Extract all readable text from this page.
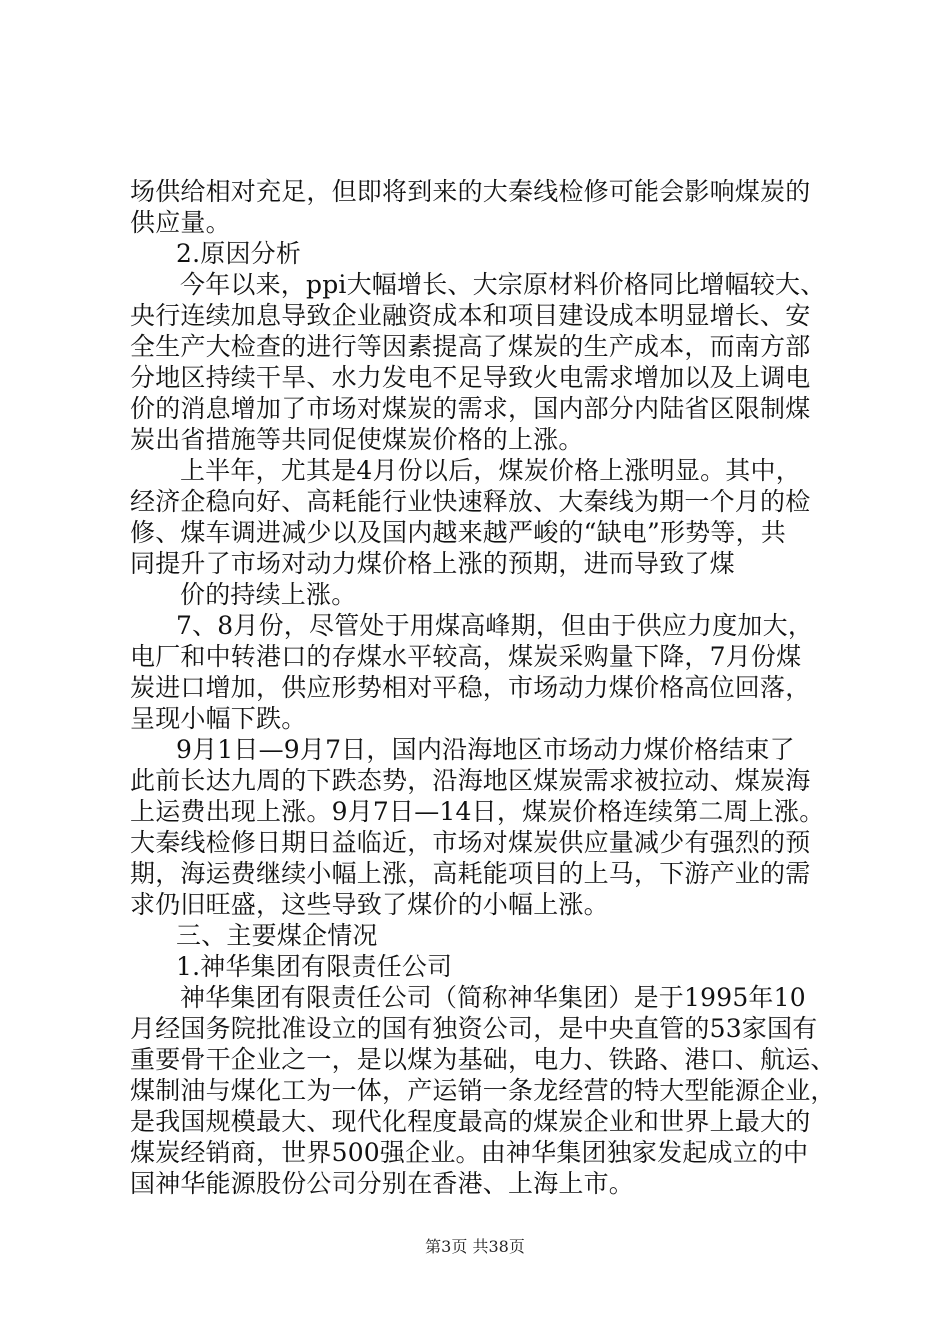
场供给相对充足，但即将到来的大秦线检修可能会影响煤炭的
供应量。
2.原因分析
今年以来，ppi大幅增长、大宗原材料价格同比增幅较大、
央行连续加息导致企业融资成本和项目建设成本明显增长、安
全生产大检查的进行等因素提高了煤炭的生产成本，而南方部
分地区持续干旱、水力发电不足导致火电需求增加以及上调电
价的消息增加了市场对煤炭的需求，国内部分内陆省区限制煤
炭出省措施等共同促使煤炭价格的上涨。
上半年，尤其是4月份以后，煤炭价格上涨明显。其中，
经济企稳向好、高耗能行业快速释放、大秦线为期一个月的检
修、煤车调进减少以及国内越来越严峻的“缺电”形势等，共
同提升了市场对动力煤价格上涨的预期，进而导致了煤
价的持续上涨。
7、8月份，尽管处于用煤高峰期，但由于供应力度加大，
电厂和中转港口的存煤水平较高，煤炭采购量下降，7月份煤
炭进口增加，供应形势相对平稳，市场动力煤价格高位回落，
呈现小幅下跌。
9月1日—9月7日，国内沿海地区市场动力煤价格结束了
此前长达九周的下跌态势，沿海地区煤炭需求被拉动、煤炭海
上运费出现上涨。9月7日—14日，煤炭价格连续第二周上涨。
大秦线检修日期日益临近，市场对煤炭供应量减少有强烈的预
期，海运费继续小幅上涨，高耗能项目的上马，下游产业的需
求仍旧旺盛，这些导致了煤价的小幅上涨。
三、主要煤企情况
1.神华集团有限责任公司
神华集团有限责任公司（简称神华集团）是于1995年10
月经国务院批准设立的国有独资公司，是中央直管的53家国有
重要骨干企业之一，是以煤为基础，电力、铁路、港口、航运、
煤制油与煤化工为一体，产运销一条龙经营的特大型能源企业，
是我国规模最大、现代化程度最高的煤炭企业和世界上最大的
煤炭经销商，世界500强企业。由神华集团独家发起成立的中
国神华能源股份公司分别在香港、上海上市。
第3页 共38页
